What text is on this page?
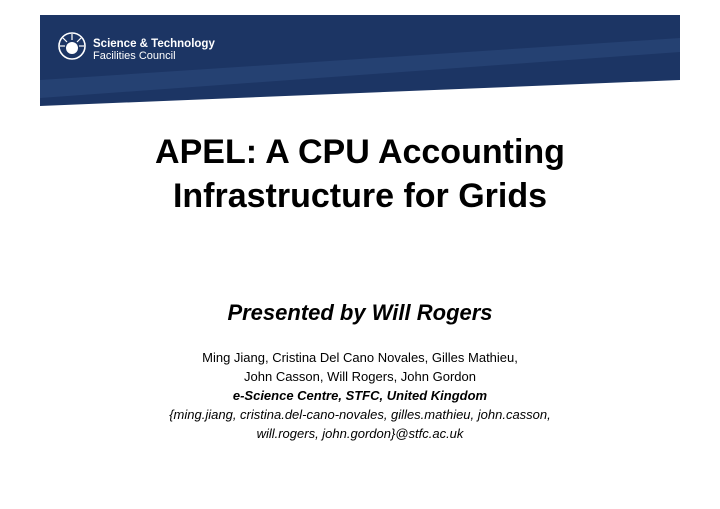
Science & Technology
Facilities Council
APEL: A CPU Accounting
Infrastructure for Grids
Presented by Will Rogers
Ming Jiang, Cristina Del Cano Novales, Gilles Mathieu,
John Casson, Will Rogers, John Gordon
e-Science Centre, STFC, United Kingdom
{ming.jiang, cristina.del-cano-novales, gilles.mathieu, john.casson,
will.rogers, john.gordon}@stfc.ac.uk
